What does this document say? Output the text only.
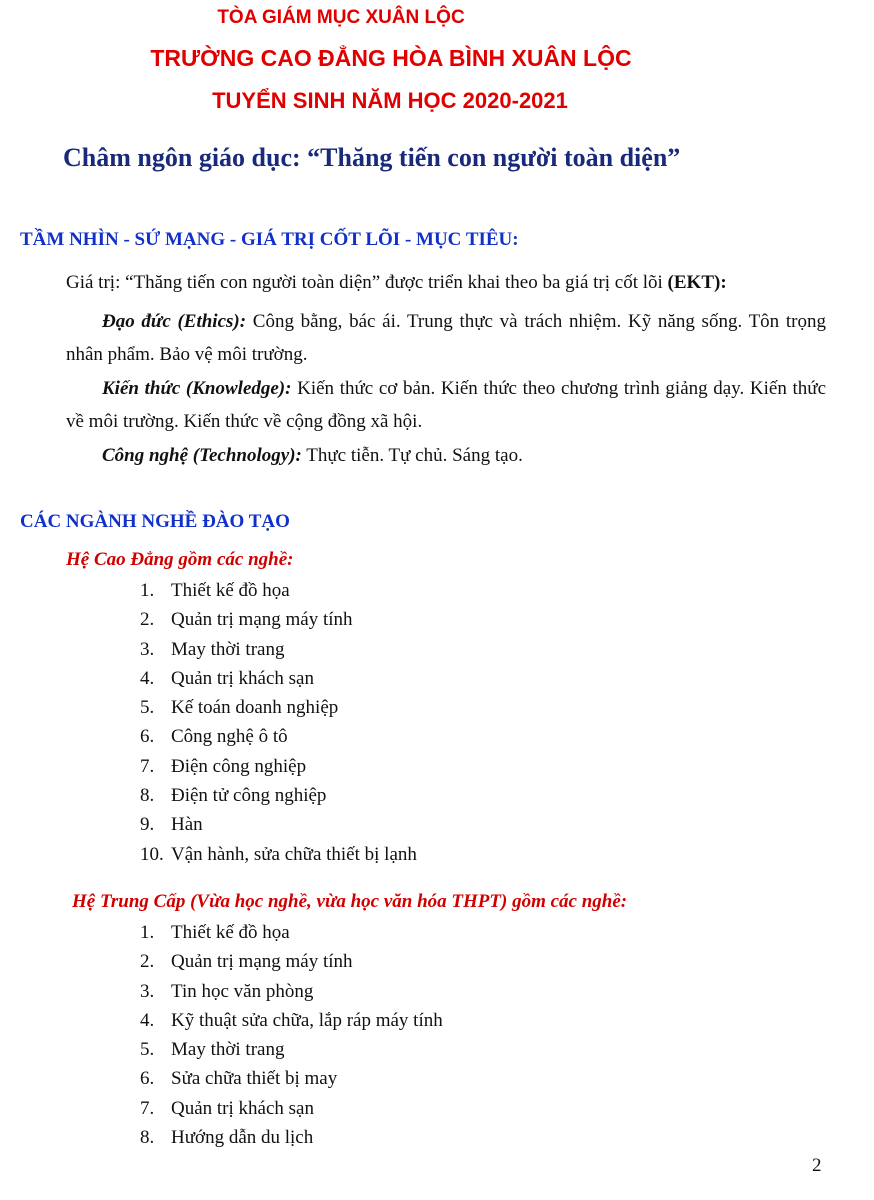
TÒA GIÁM MỤC XUÂN LỘC
TRƯỜNG CAO ĐẲNG HÒA BÌNH XUÂN LỘC
TUYỂN SINH NĂM HỌC 2020-2021
Châm ngôn giáo dục: “Thăng tiến con người toàn diện”
TẦM NHÌN - SỨ MẠNG - GIÁ TRỊ CỐT LÕI - MỤC TIÊU:
Giá trị: “Thăng tiến con người toàn diện” được triển khai theo ba giá trị cốt lõi (EKT):
Đạo đức (Ethics): Công bằng, bác ái. Trung thực và trách nhiệm. Kỹ năng sống. Tôn trọng nhân phẩm. Bảo vệ môi trường.
Kiến thức (Knowledge): Kiến thức cơ bản. Kiến thức theo chương trình giảng dạy. Kiến thức về môi trường. Kiến thức về cộng đồng xã hội.
Công nghệ (Technology): Thực tiễn. Tự chủ. Sáng tạo.
CÁC NGÀNH NGHỀ ĐÀO TẠO
Hệ Cao Đẳng gồm các nghề:
1. Thiết kế đồ họa
2. Quản trị mạng máy tính
3. May thời trang
4. Quản trị khách sạn
5. Kế toán doanh nghiệp
6. Công nghệ ô tô
7. Điện công nghiệp
8. Điện tử công nghiệp
9. Hàn
10. Vận hành, sửa chữa thiết bị lạnh
Hệ Trung Cấp (Vừa học nghề, vừa học văn hóa THPT) gồm các nghề:
1. Thiết kế đồ họa
2. Quản trị mạng máy tính
3. Tin học văn phòng
4. Kỹ thuật sửa chữa, lắp ráp máy tính
5. May thời trang
6. Sửa chữa thiết bị may
7. Quản trị khách sạn
8. Hướng dẫn du lịch
2
